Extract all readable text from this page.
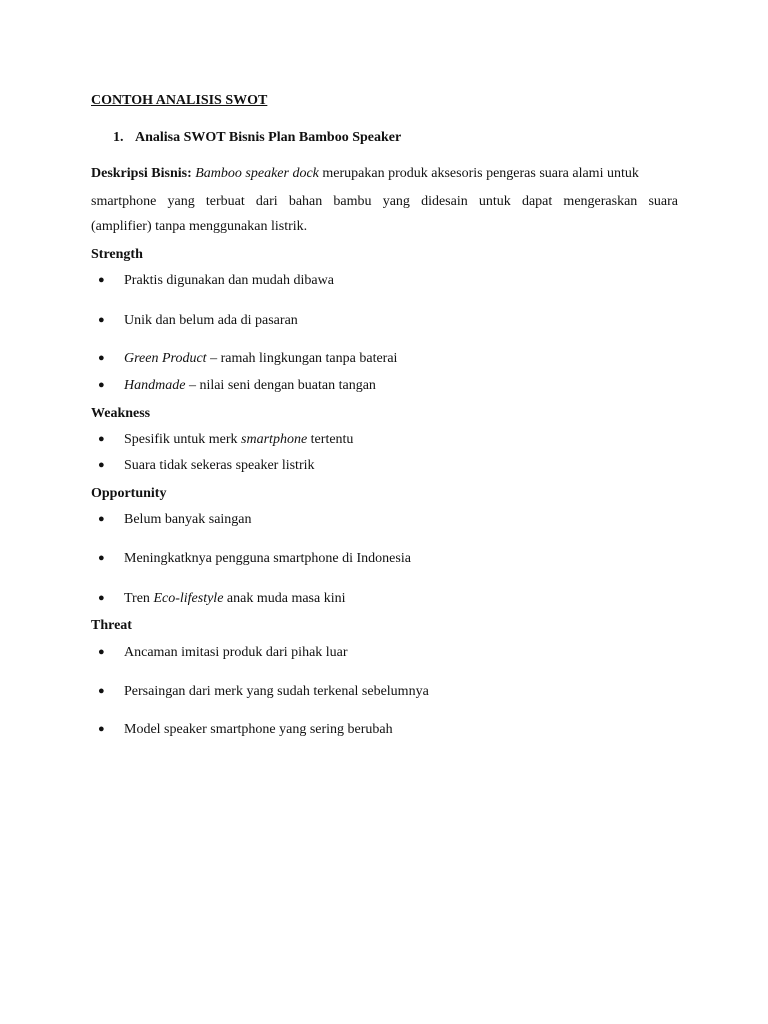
CONTOH ANALISIS SWOT
1. Analisa SWOT Bisnis Plan Bamboo Speaker
Deskripsi Bisnis: Bamboo speaker dock merupakan produk aksesoris pengeras suara alami untuk
smartphone yang terbuat dari bahan bambu yang didesain untuk dapat mengeraskan suara
(amplifier) tanpa menggunakan listrik.
Strength
● Praktis digunakan dan mudah dibawa
● Unik dan belum ada di pasaran
● Green Product – ramah lingkungan tanpa baterai
● Handmade – nilai seni dengan buatan tangan
Weakness
● Spesifik untuk merk smartphone tertentu
● Suara tidak sekeras speaker listrik
Opportunity
● Belum banyak saingan
● Meningkatknya pengguna smartphone di Indonesia
● Tren Eco-lifestyle anak muda masa kini
Threat
● Ancaman imitasi produk dari pihak luar
● Persaingan dari merk yang sudah terkenal sebelumnya
● Model speaker smartphone yang sering berubah
